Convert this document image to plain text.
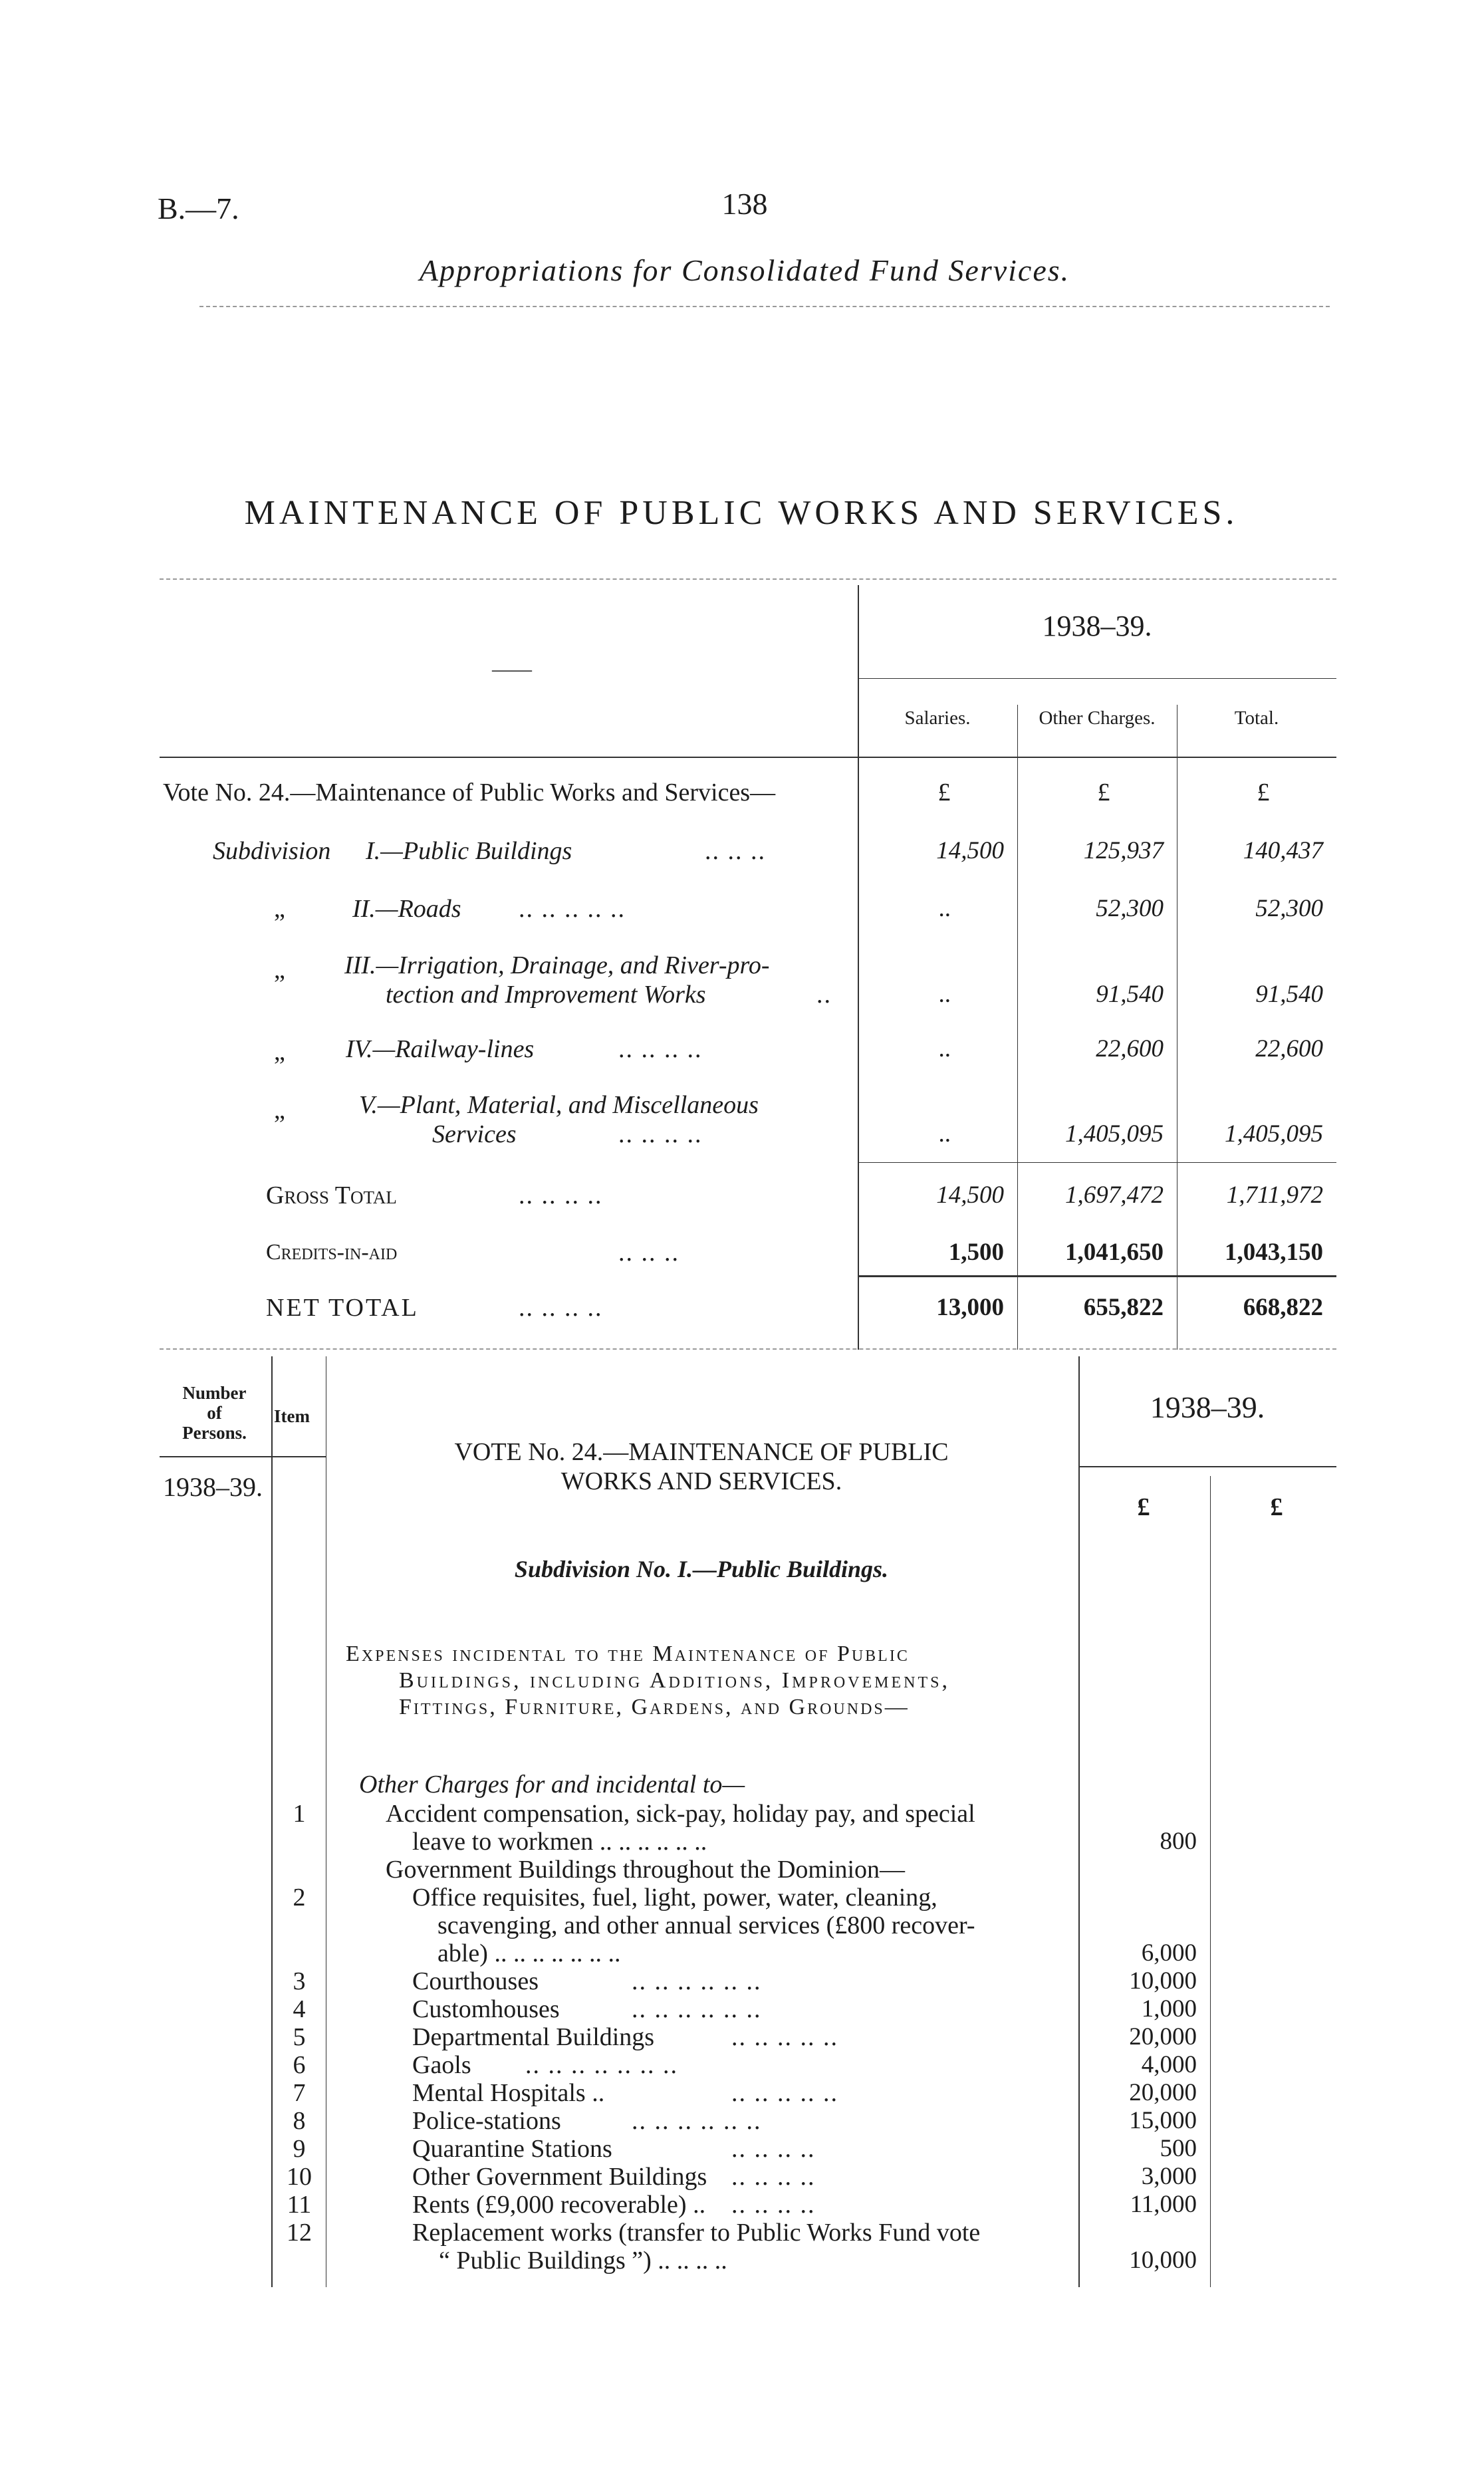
B.—7.	138
Appropriations for Consolidated Fund Services.
MAINTENANCE OF PUBLIC WORKS AND SERVICES.
——
1938–39.
Salaries.	Other Charges.	Total.
Vote No. 24.—Maintenance of Public Works and Services—	£	£	£
Subdivision I.—Public Buildings	.. .. ..	14,500	125,937	140,437
„	II.—Roads .. .. .. .. ..	..	52,300	52,300
„ III.—Irrigation, Drainage, and River-pro-
tection and Improvement Works	..	..	91,540	91,540
„ IV.—Railway-lines	.. .. .. ..	..	22,600	22,600
„	V.—Plant, Material, and Miscellaneous
Services	.. .. .. ..	..	1,405,095	1,405,095
Gross Total	.. .. .. ..	14,500	1,697,472	1,711,972
Credits-in-aid	.. .. ..	1,500	1,041,650	1,043,150
NET TOTAL	.. .. .. ..	13,000	655,822	668,822
Number
of
Persons.
Item	1938–39.
1938–39.
VOTE No. 24.—MAINTENANCE OF PUBLIC
WORKS AND SERVICES.
£	£
Subdivision No. I.—Public Buildings.
Expenses incidental to the Maintenance of Public
Buildings, including Additions, Improvements,
Fittings, Furniture, Gardens, and Grounds—
Other Charges for and incidental to—
1	Accident compensation, sick-pay, holiday pay, and special
leave to workmen .. .. .. .. .. ..	800
Government Buildings throughout the Dominion—
2	Office requisites, fuel, light, power, water, cleaning,
scavenging, and other annual services (£800 recover-
able) .. .. .. .. .. .. ..	6,000
3	Courthouses	.. .. .. .. .. ..	10,000
4	Customhouses	.. .. .. .. .. ..	1,000
5	Departmental Buildings	.. .. .. .. ..	20,000
6	Gaols .. .. .. .. .. .. ..	4,000
7	Mental Hospitals ..	.. .. .. .. ..	20,000
8	Police-stations	.. .. .. .. .. ..	15,000
9	Quarantine Stations	.. .. .. ..	500
10	Other Government Buildings .. .. .. ..	3,000
11	Rents (£9,000 recoverable) .. .. .. .. ..	11,000
12	Replacement works (transfer to Public Works Fund vote
“ Public Buildings ”) .. .. .. ..	10,000
